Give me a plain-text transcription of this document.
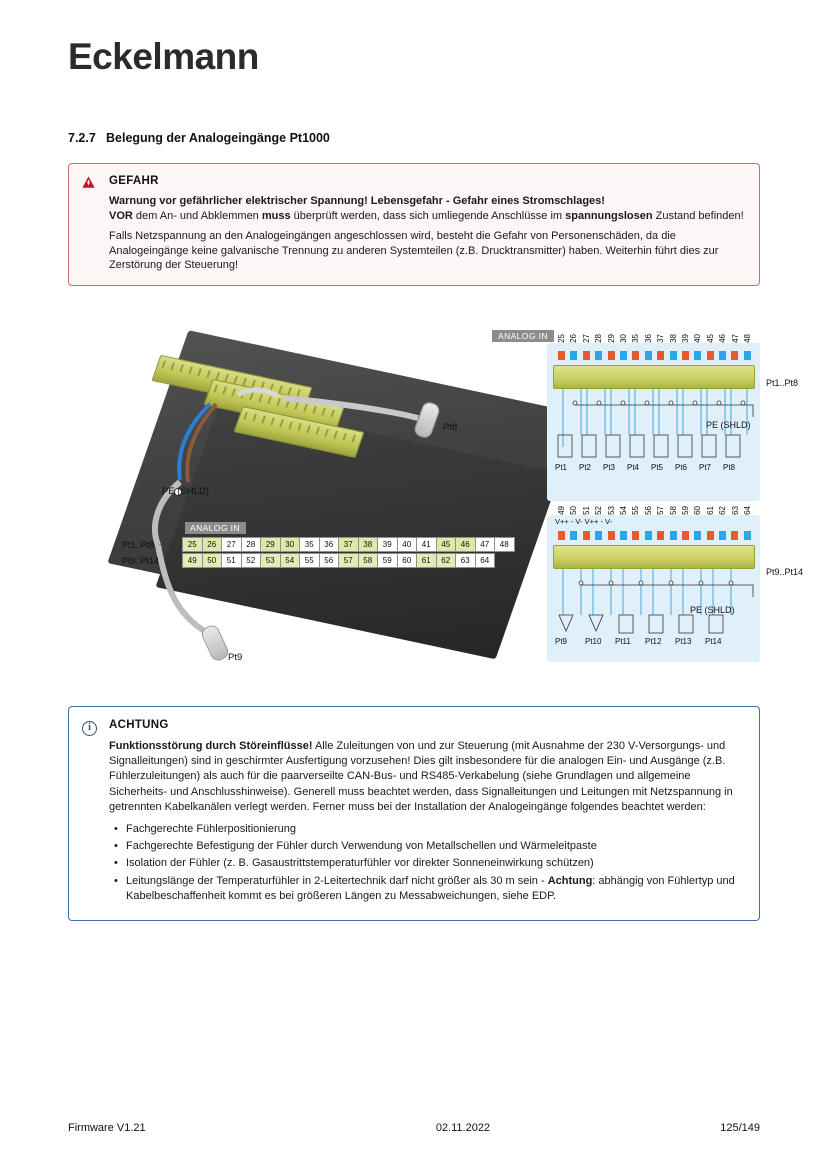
Eckelmann
7.2.7 Belegung der Analogeingänge Pt1000
GEFAHR

Warnung vor gefährlicher elektrischer Spannung! Lebensgefahr - Gefahr eines Stromschlages!

VOR dem An- und Abklemmen muss überprüft werden, dass sich umliegende Anschlüsse im spannungslosen Zustand befinden!

Falls Netzspannung an den Analogeingängen angeschlossen wird, besteht die Gefahr von Personenschäden, da die Analogeingänge keine galvanische Trennung zu anderen Systemteilen (z.B. Drucktransmitter) haben. Weiterhin führt dies zur Zerstörung der Steuerung!

Pt8
Pt9
PE (SHLD)
ANALOG IN
Pt1..Pt8	25	26	27	28	29	30	35	36	37	38	39	40	41	45	46	47	48
Pt9..Pt14	49	50	51	52	53	54	55	56	57	58	59	60	61	62	63	64
ANALOG IN	25 26 27 28 29 30 35 36 37 38 39 40 45 46 47 48
Pt1 Pt2 Pt3 Pt4 Pt5 Pt6 Pt7 Pt8
Pt1..Pt8
PE (SHLD)
V++ - V- V++ - V-
49 50 51 52 53 54 55 56 57 58 59 60 61 62 63 64
Pt9 Pt10 Pt11 Pt12 Pt13 Pt14
Pt9..Pt14
PE (SHLD)
i	ACHTUNG
Funktionsstörung durch Störeinflüsse! Alle Zuleitungen von und zur Steuerung (mit Ausnahme der 230 V-Versorgungs- und Signalleitungen) sind in geschirmter Ausfertigung vorzusehen! Dies gilt insbesondere für die analogen Ein- und Ausgänge (z.B. Fühlerzuleitungen) als auch für die paarverseilte CAN-Bus- und RS485-Verkabelung (siehe Grundlagen und allgemeine Sicherheits- und Anschlusshinweise). Generell muss beachtet werden, dass Signalleitungen und Leitungen mit Netzspannung in getrennten Kabelkanälen verlegt werden. Ferner muss bei der Installation der Analogeingänge folgendes beachtet werden:
• Fachgerechte Fühlerpositionierung
• Fachgerechte Befestigung der Fühler durch Verwendung von Metallschellen und Wärmeleitpaste
• Isolation der Fühler (z. B. Gasaustrittstemperaturfühler vor direkter Sonneneinwirkung schützen)
• Leitungslänge der Temperaturfühler in 2-Leitertechnik darf nicht größer als 30 m sein - Achtung: abhängig von Fühlertyp und Kabelbeschaffenheit kommt es bei größeren Längen zu Messabweichungen, siehe EDP.
Firmware V1.21	02.11.2022	125/149
